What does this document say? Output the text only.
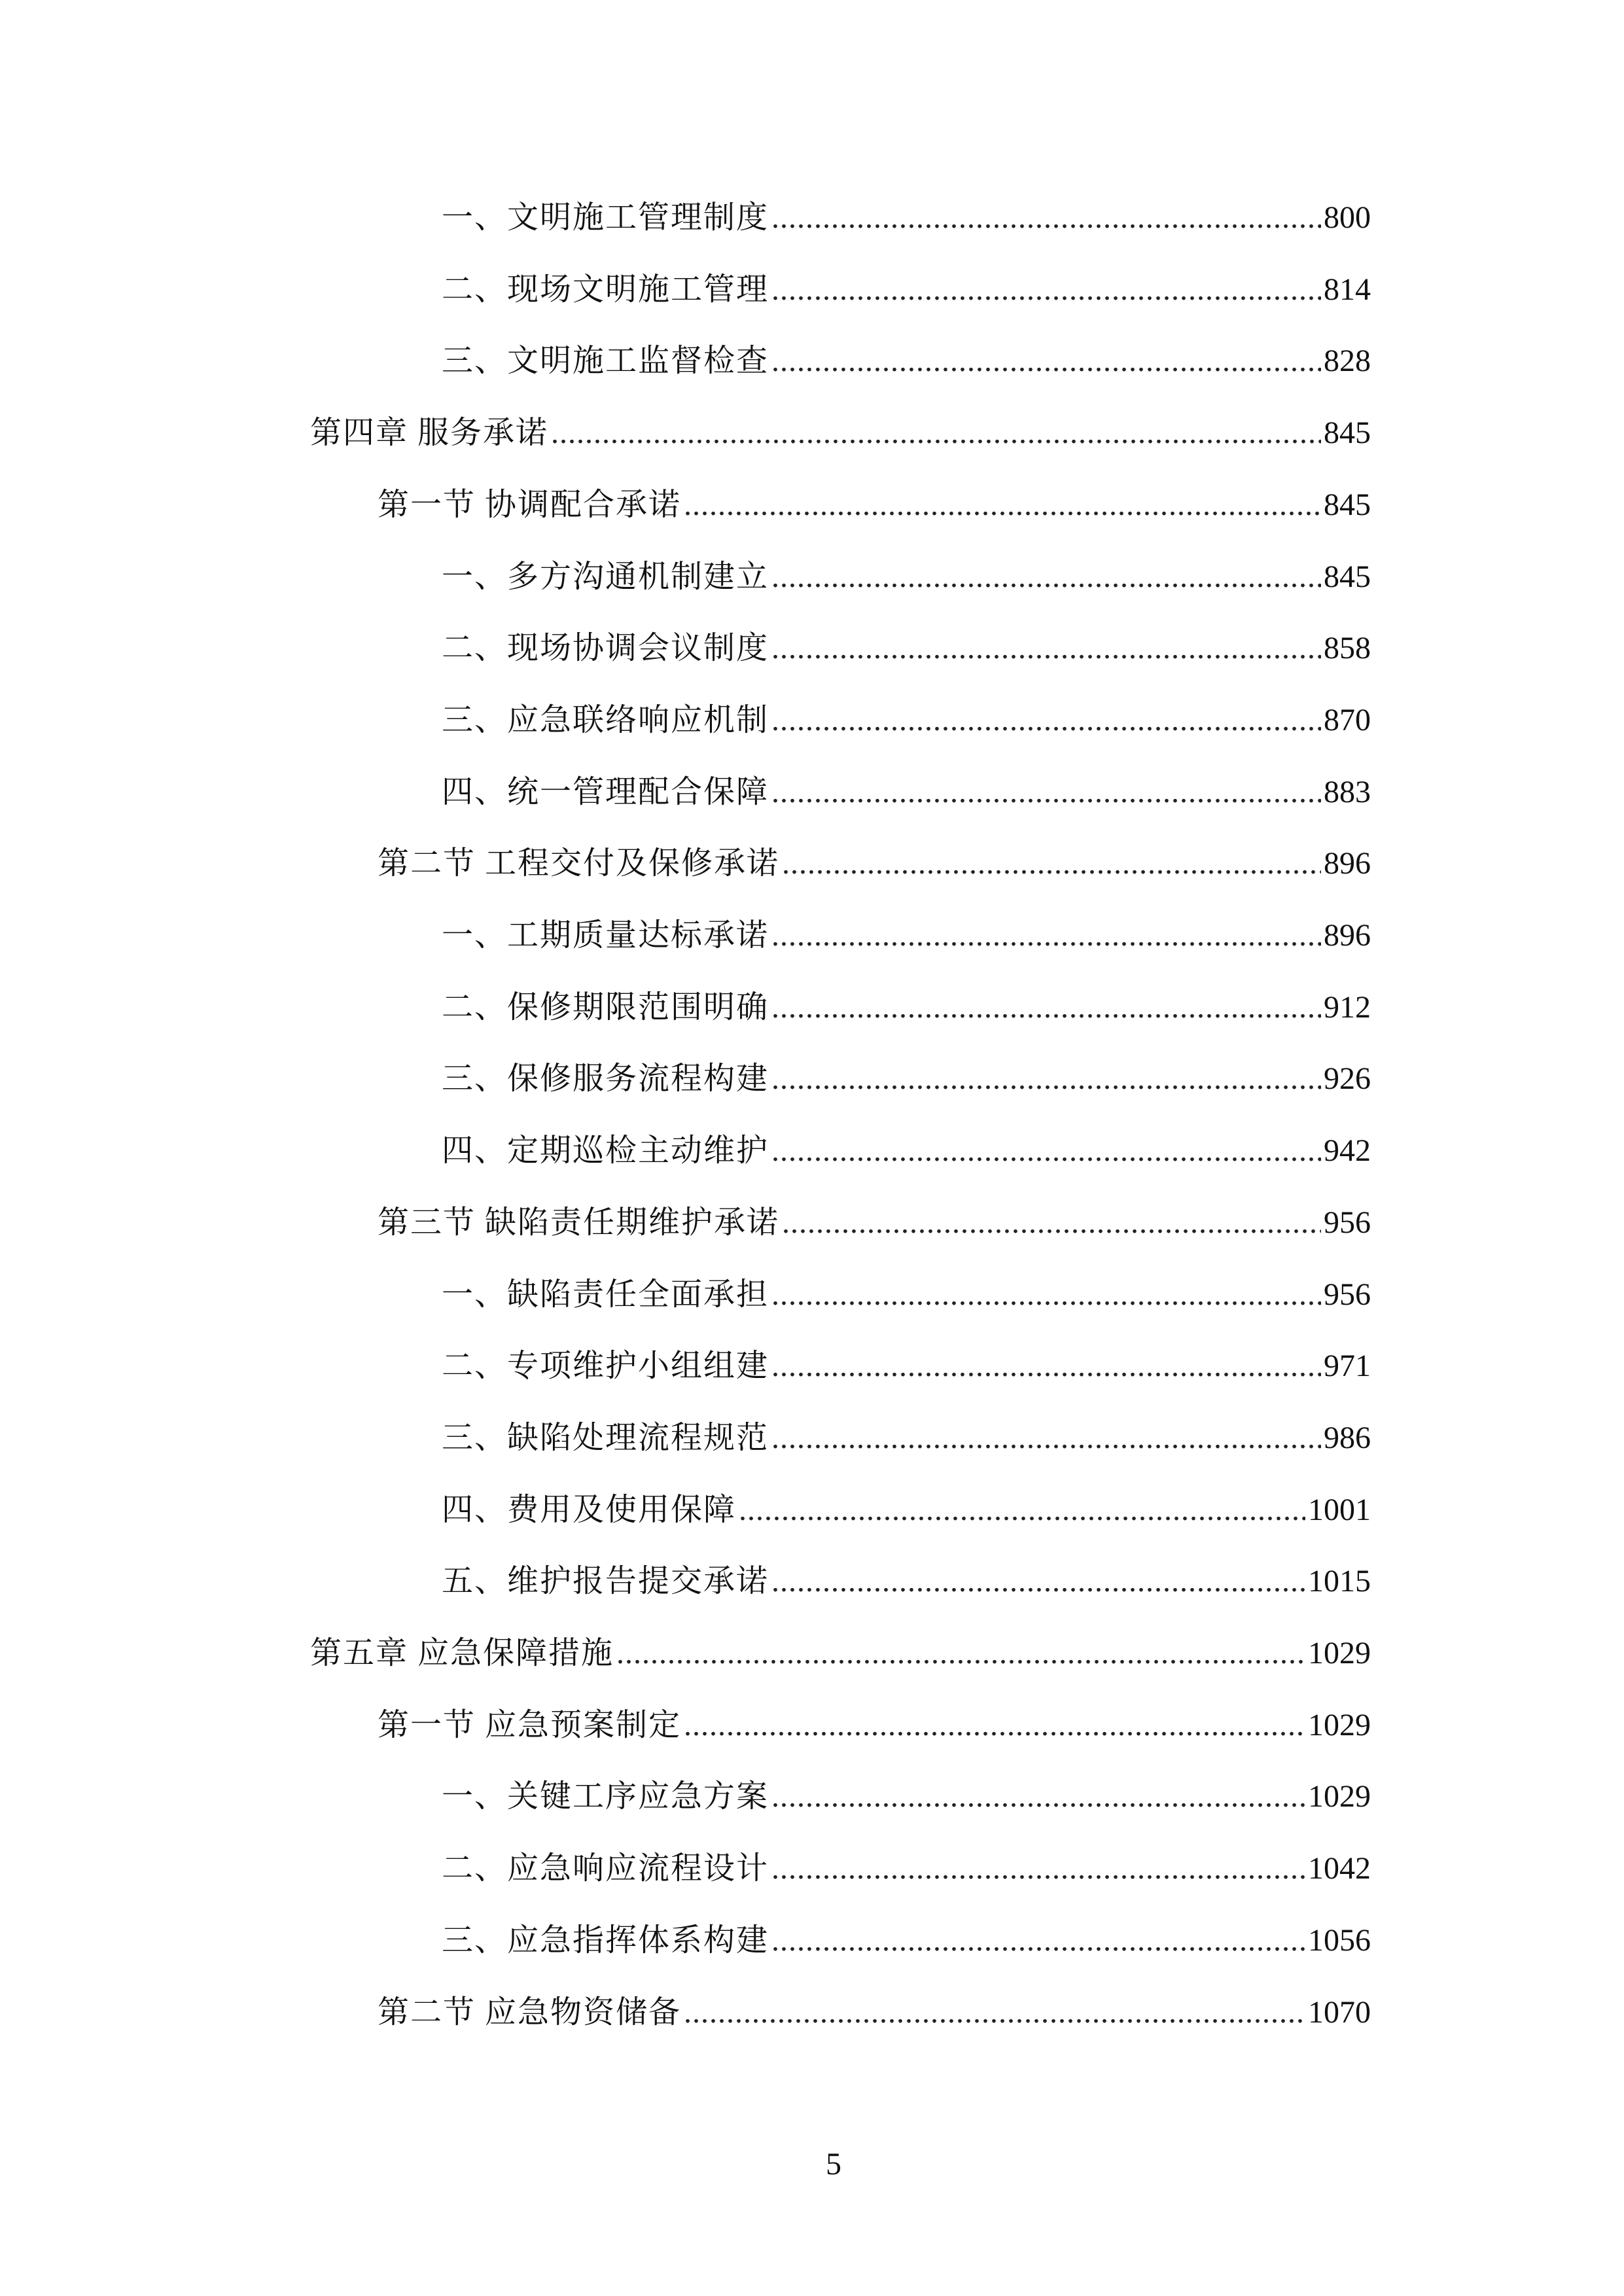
一、文明施工管理制度 .....	800
二、现场文明施工管理 .....	814
三、文明施工监督检查 .....	828
第四章 服务承诺 .....	845
第一节 协调配合承诺 .....	845
一、多方沟通机制建立 .....	845
二、现场协调会议制度 .....	858
三、应急联络响应机制 .....	870
四、统一管理配合保障 .....	883
第二节 工程交付及保修承诺 .....	896
一、工期质量达标承诺 .....	896
二、保修期限范围明确 .....	912
三、保修服务流程构建 .....	926
四、定期巡检主动维护 .....	942
第三节 缺陷责任期维护承诺 .....	956
一、缺陷责任全面承担 .....	956
二、专项维护小组组建 .....	971
三、缺陷处理流程规范 .....	986
四、费用及使用保障 .....	1001
五、维护报告提交承诺 .....	1015
第五章 应急保障措施 .....	1029
第一节 应急预案制定 .....	1029
一、关键工序应急方案 .....	1029
二、应急响应流程设计 .....	1042
三、应急指挥体系构建 .....	1056
第二节 应急物资储备 .....	1070
5
